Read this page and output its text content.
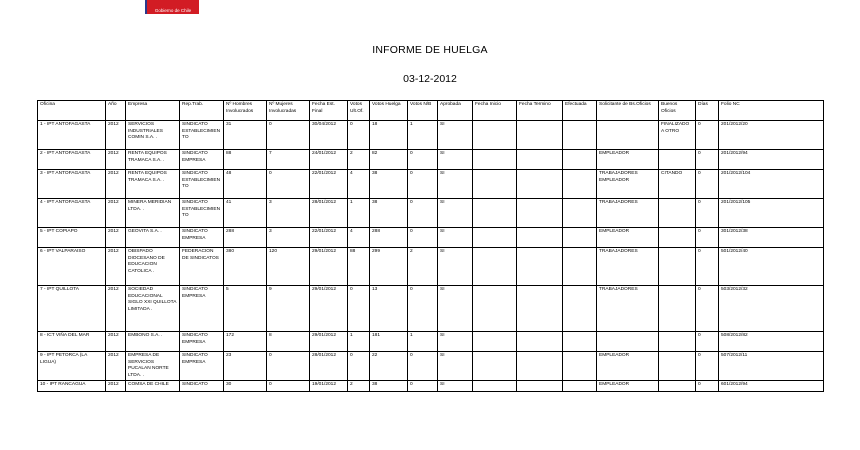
Gobierno de Chile
INFORME DE HUELGA
03-12-2012
Oficina	Año	Empresa	Rep.Trab.	Nº Hombres Involucrados	Nº Mujeres Involucradas	Fecha Est. Final	Votos Ult.Of.	Votos Huelga	Votos N/B	Aprobada	Fecha Inicio	Fecha Termino	Efectuada	Solicitante de Bs.Oficios	Buenos Oficios	Días	Folio NC
1 - IPT ANTOFAGASTA	2012	SERVICIOS INDUSTRIALES COMIN S.A. .	SINDICATO ESTABLECIMIENTO	31	0	30/04/2012	0	18	1	SI					FINALIZADO A OTRO	0	201/2012/20
2 - IPT ANTOFAGASTA	2012	RENTA EQUIPOS TRAMACA S.A. .	SINDICATO EMPRESA	88	7	24/01/2012	2	82	0	SI				EMPLEADOR		0	201/2012/94
3 - IPT ANTOFAGASTA	2012	RENTA EQUIPOS TRAMACA S.A. .	SINDICATO ESTABLECIMIENTO	48	0	22/01/2012	4	38	0	SI				TRABAJADORES EMPLEADOR	CITANDO	0	201/2012/104
4 - IPT ANTOFAGASTA	2012	MINERA MERIDIAN LTDA. .	SINDICATO ESTABLECIMIENTO	41	3	28/01/2012	1	38	0	SI				TRABAJADORES		0	201/2012/105
5 - IPT COPIAPO	2012	GEOVITA S.A. .	SINDICATO EMPRESA	288	3	22/01/2012	4	288	0	SI				EMPLEADOR		0	301/2012/38
6 - IPT VALPARAISO	2012	OBISPADO DIOCESANO DE EDUCACION CATOLICA .	FEDERACION DE SINDICATOS	380	120	29/01/2012	88	299	2	SI				TRABAJADORES		0	501/2012/40
7 - IPT QUILLOTA	2012	SOCIEDAD EDUCACIONAL SIGLO XXI QUILLOTA LIMITADA .	SINDICATO EMPRESA	5	9	29/01/2012	0	13	0	SI				TRABAJADORES		0	503/2012/32
8 - ICT VIÑA DEL MAR	2012	EMBONO S.A. .	SINDICATO EMPRESA	172	8	29/01/2012	1	181	1	SI						0	508/2012/82
9 - IPT PETORCA (LA LIGUA)	2012	EMPRESA DE SERVICIOS PUCALAN NORTE LTDA. .	SINDICATO EMPRESA	23	0	28/01/2012	0	22	0	SI				EMPLEADOR		0	507/2012/11
10 - IPT RANCAGUA	2012	COMSA DE CHILE	SINDICATO	30	0	19/01/2012	2	38	0	SI				EMPLEADOR		0	601/2012/94
